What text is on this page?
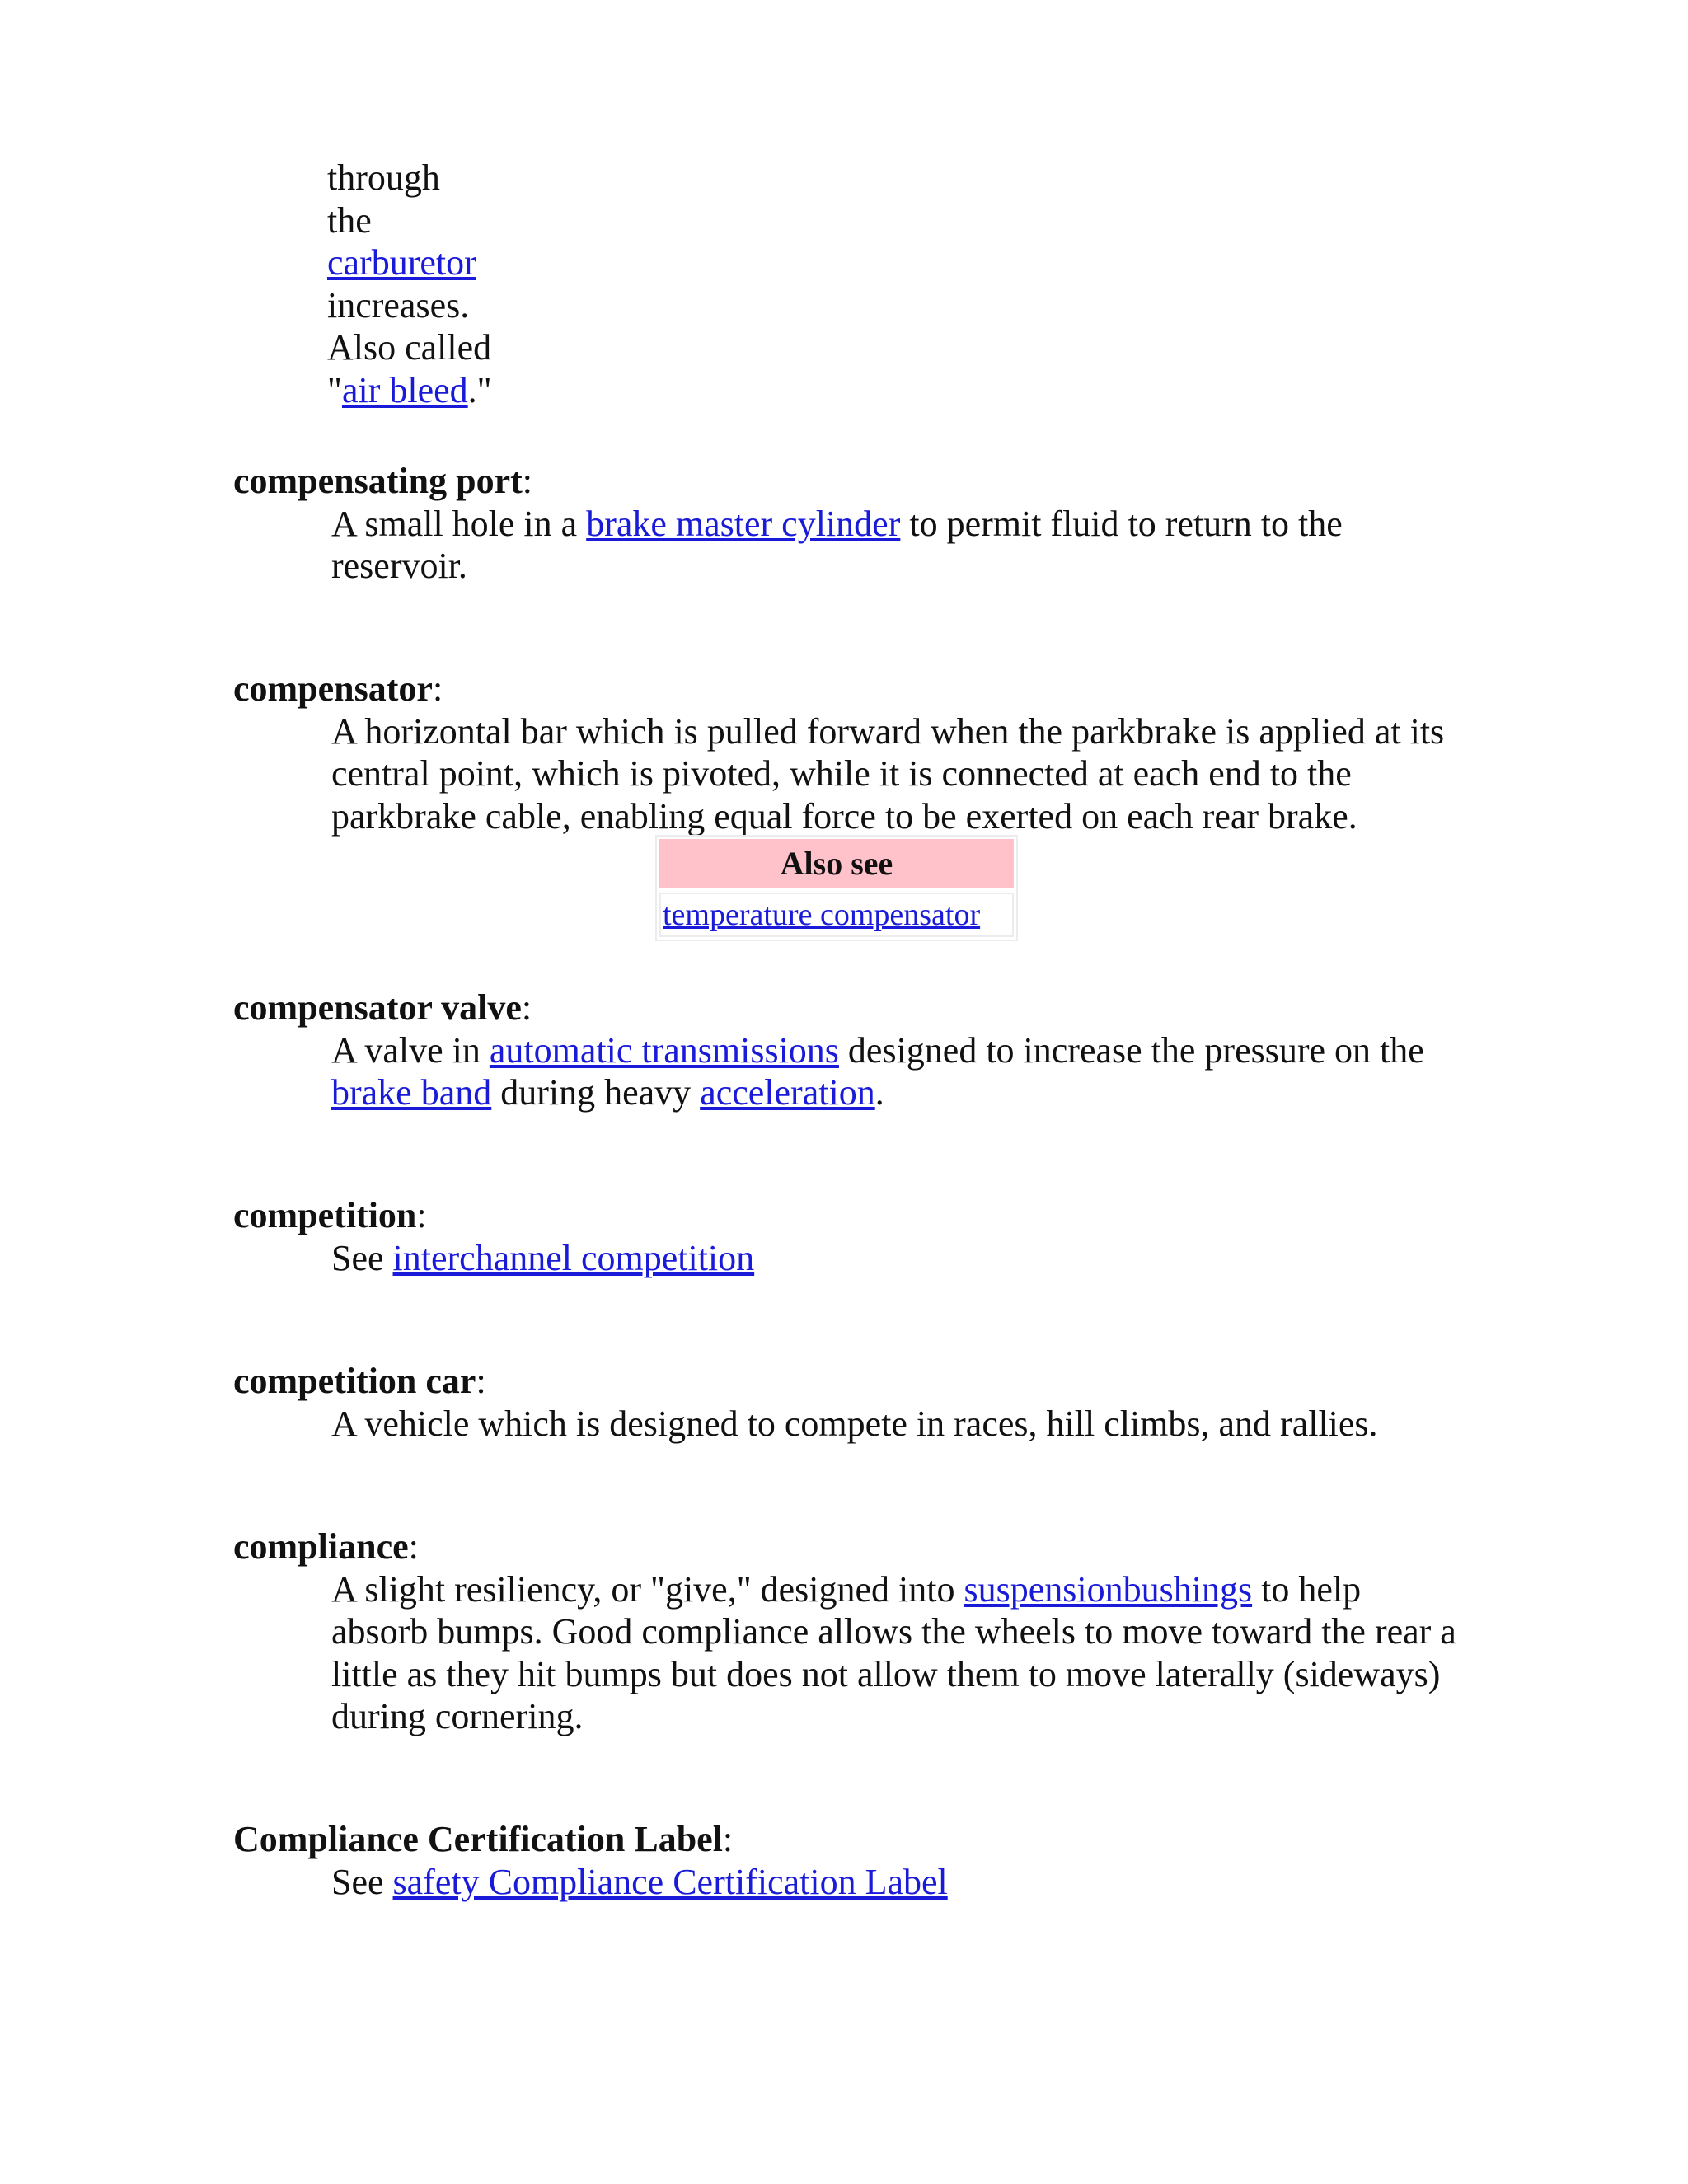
through
the
carburetor
increases.
Also called
"air bleed."
compensating port:
A small hole in a brake master cylinder to permit fluid to return to the reservoir.
compensator:
A horizontal bar which is pulled forward when the parkbrake is applied at its central point, which is pivoted, while it is connected at each end to the parkbrake cable, enabling equal force to be exerted on each rear brake.
Also see
temperature compensator
compensator valve:
A valve in automatic transmissions designed to increase the pressure on the brake band during heavy acceleration.
competition:
See interchannel competition
competition car:
A vehicle which is designed to compete in races, hill climbs, and rallies.
compliance:
A slight resiliency, or "give," designed into suspensionbushings to help absorb bumps. Good compliance allows the wheels to move toward the rear a little as they hit bumps but does not allow them to move laterally (sideways) during cornering.
Compliance Certification Label:
See safety Compliance Certification Label
